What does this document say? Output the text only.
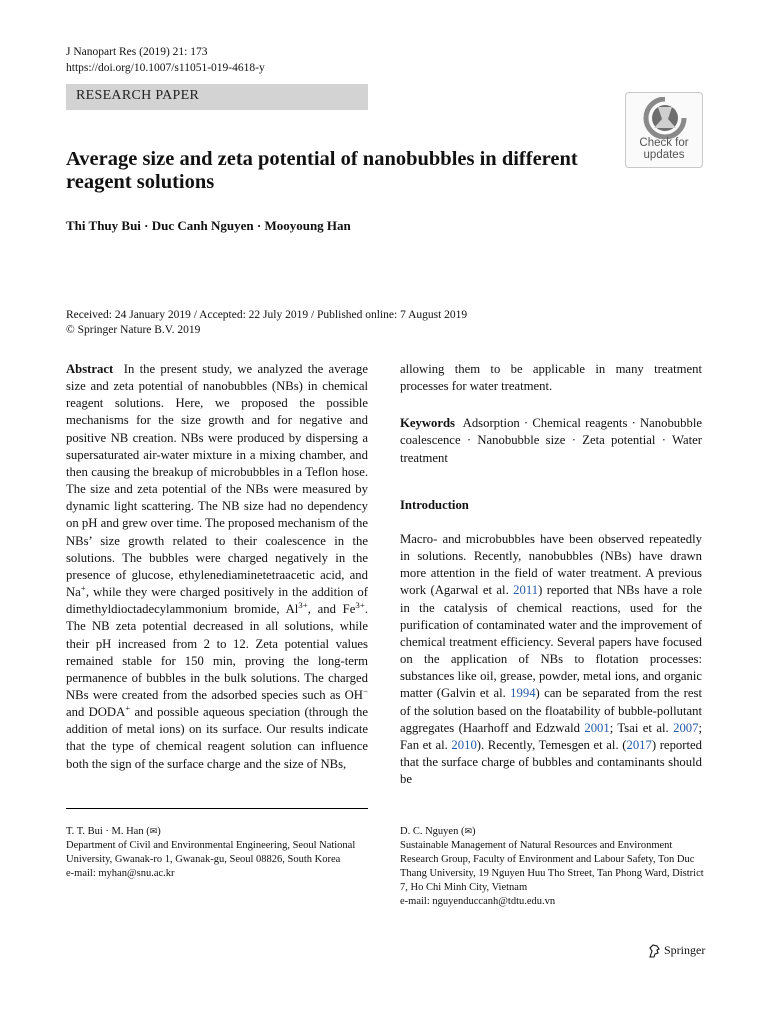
J Nanopart Res (2019) 21: 173
https://doi.org/10.1007/s11051-019-4618-y
RESEARCH PAPER
Check for
updates
Average size and zeta potential of nanobubbles in different reagent solutions
Thi Thuy Bui · Duc Canh Nguyen · Mooyoung Han
Received: 24 January 2019 / Accepted: 22 July 2019 / Published online: 7 August 2019
© Springer Nature B.V. 2019

Abstract In the present study, we analyzed the average size and zeta potential of nanobubbles (NBs) in chemical reagent solutions. Here, we proposed the possible mechanisms for the size growth and for negative and positive NB creation. NBs were produced by dispersing a supersaturated air-water mixture in a mixing chamber, and then causing the breakup of microbubbles in a Teflon hose. The size and zeta potential of the NBs were measured by dynamic light scattering. The NB size had no dependency on pH and grew over time. The proposed mechanism of the NBs’ size growth related to their coalescence in the solutions. The bubbles were charged negatively in the presence of glucose, ethylenediaminetetraacetic acid, and Na+, while they were charged positively in the addition of dimethyldioctadecylammonium bromide, $Al^{3+}$, and $Fe^{3+}$. The NB zeta potential decreased in all solutions, while their pH increased from 2 to 12. Zeta potential values remained stable for 150 min, proving the long-term permanence of bubbles in the bulk solutions. The charged NBs were created from the adsorbed species such as OH− and DODA+ and possible aqueous speciation (through the addition of metal ions) on its surface. Our results indicate that the type of chemical reagent solution can influence both the sign of the surface charge and the size of NBs,

allowing them to be applicable in many treatment processes for water treatment.

Keywords Adsorption · Chemical reagents · Nanobubble coalescence · Nanobubble size · Zeta potential · Water treatment

Introduction

Macro- and microbubbles have been observed repeatedly in solutions. Recently, nanobubbles (NBs) have drawn more attention in the field of water treatment. A previous work (Agarwal et al. 2011) reported that NBs have a role in the catalysis of chemical reactions, used for the purification of contaminated water and the improvement of chemical treatment efficiency. Several papers have focused on the application of NBs to flotation processes: substances like oil, grease, powder, metal ions, and organic matter (Galvin et al. 1994) can be separated from the rest of the solution based on the floatability of bubble-pollutant aggregates (Haarhoff and Edzwald 2001; Tsai et al. 2007; Fan et al. 2010). Recently, Temesgen et al. (2017) reported that the surface charge of bubbles and contaminants should be

T. T. Bui · M. Han (✉)
Department of Civil and Environmental Engineering, Seoul National University, Gwanak-ro 1, Gwanak-gu, Seoul 08826, South Korea
e-mail: myhan@snu.ac.kr
D. C. Nguyen (✉)
Sustainable Management of Natural Resources and Environment Research Group, Faculty of Environment and Labour Safety, Ton Duc Thang University, 19 Nguyen Huu Tho Street, Tan Phong Ward, District 7, Ho Chi Minh City, Vietnam
e-mail: nguyenduccanh@tdtu.edu.vn
Springer
